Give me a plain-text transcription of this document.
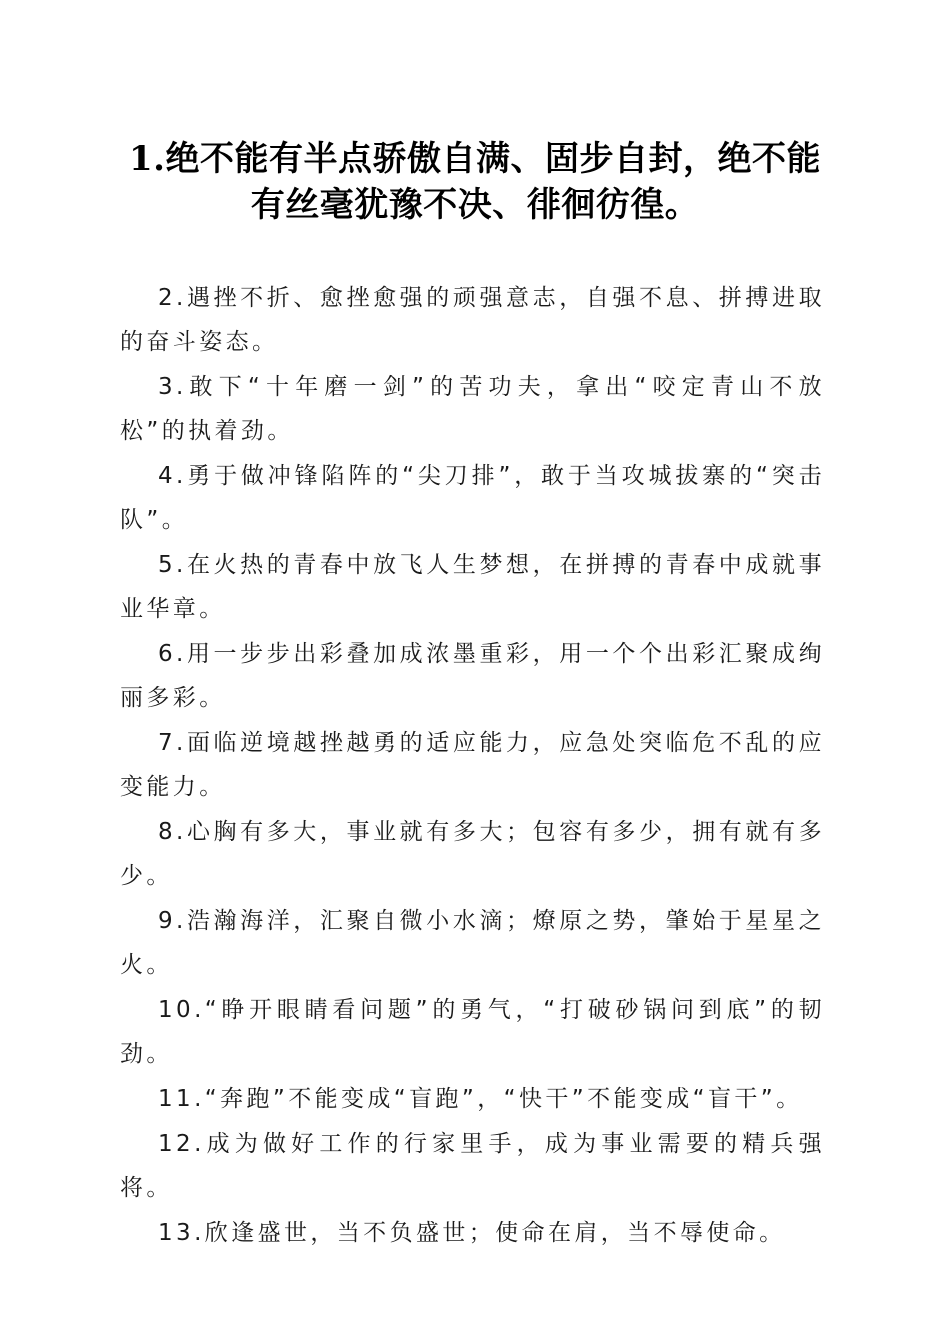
1.绝不能有半点骄傲自满、固步自封，绝不能
有丝毫犹豫不决、徘徊彷徨。

2.遇挫不折、愈挫愈强的顽强意志，自强不息、拼搏进取的奋斗姿态。

3.敢下“十年磨一剑”的苦功夫，拿出“咬定青山不放松”的执着劲。

4.勇于做冲锋陷阵的“尖刀排”，敢于当攻城拔寨的“突击队”。

5.在火热的青春中放飞人生梦想，在拼搏的青春中成就事业华章。

6.用一步步出彩叠加成浓墨重彩，用一个个出彩汇聚成绚丽多彩。

7.面临逆境越挫越勇的适应能力，应急处突临危不乱的应变能力。

8.心胸有多大，事业就有多大；包容有多少，拥有就有多少。

9.浩瀚海洋，汇聚自微小水滴；燎原之势，肇始于星星之火。

10.“睁开眼睛看问题”的勇气，“打破砂锅问到底”的韧劲。

11.“奔跑”不能变成“盲跑”，“快干”不能变成“盲干”。

12.成为做好工作的行家里手，成为事业需要的精兵强将。

13.欣逢盛世，当不负盛世；使命在肩，当不辱使命。
